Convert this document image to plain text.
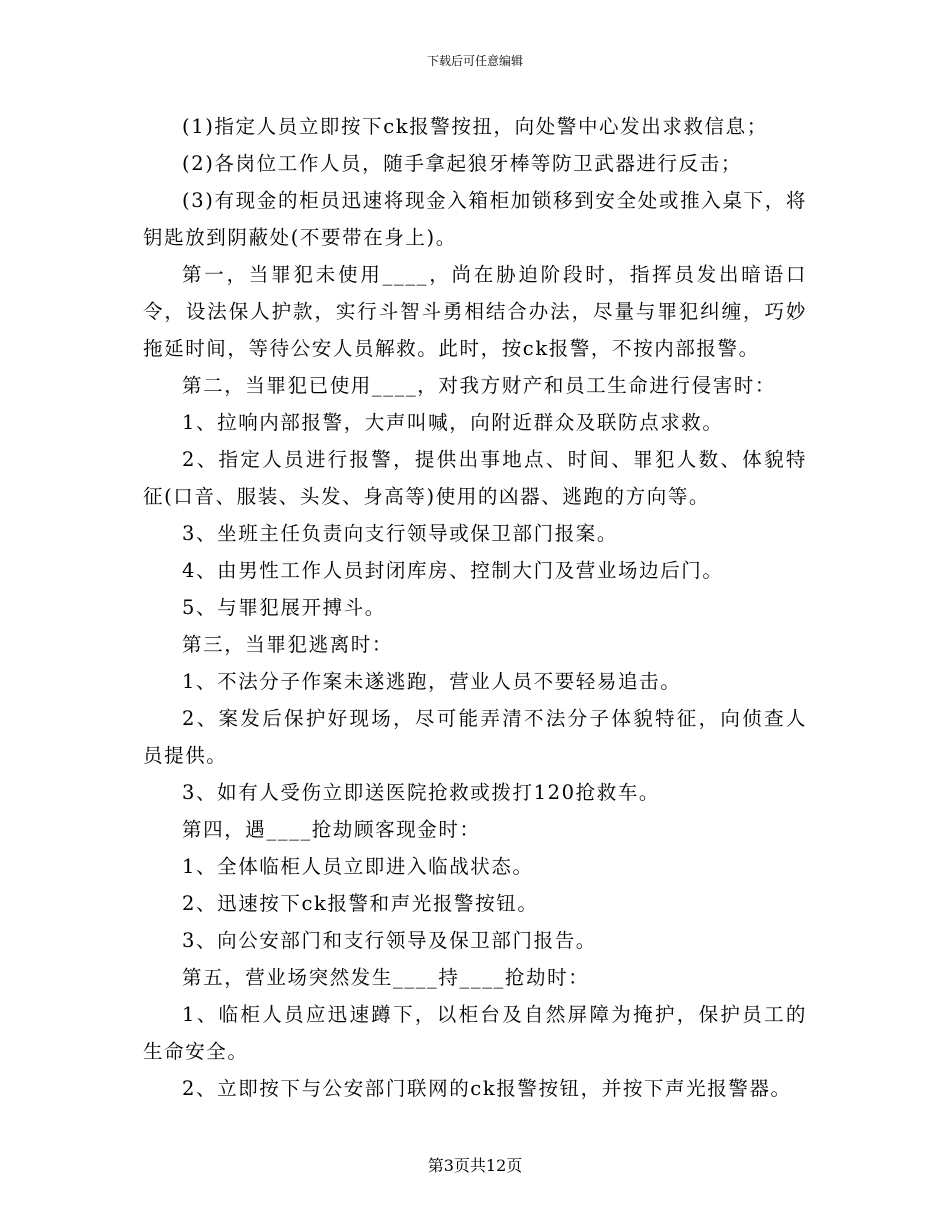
下载后可任意编辑

(1)指定人员立即按下ck报警按扭，向处警中心发出求救信息；

(2)各岗位工作人员，随手拿起狼牙棒等防卫武器进行反击；

(3)有现金的柜员迅速将现金入箱柜加锁移到安全处或推入桌下，将钥匙放到阴蔽处(不要带在身上)。

第一，当罪犯未使用____，尚在胁迫阶段时，指挥员发出暗语口令，设法保人护款，实行斗智斗勇相结合办法，尽量与罪犯纠缠，巧妙拖延时间，等待公安人员解救。此时，按ck报警，不按内部报警。

第二，当罪犯已使用____，对我方财产和员工生命进行侵害时：

1、拉响内部报警，大声叫喊，向附近群众及联防点求救。

2、指定人员进行报警，提供出事地点、时间、罪犯人数、体貌特征(口音、服装、头发、身高等)使用的凶器、逃跑的方向等。

3、坐班主任负责向支行领导或保卫部门报案。

4、由男性工作人员封闭库房、控制大门及营业场边后门。

5、与罪犯展开搏斗。

第三，当罪犯逃离时：

1、不法分子作案未遂逃跑，营业人员不要轻易追击。

2、案发后保护好现场，尽可能弄清不法分子体貌特征，向侦查人员提供。

3、如有人受伤立即送医院抢救或拨打120抢救车。

第四，遇____抢劫顾客现金时：

1、全体临柜人员立即进入临战状态。

2、迅速按下ck报警和声光报警按钮。

3、向公安部门和支行领导及保卫部门报告。

第五，营业场突然发生____持____抢劫时：

1、临柜人员应迅速蹲下，以柜台及自然屏障为掩护，保护员工的生命安全。

2、立即按下与公安部门联网的ck报警按钮，并按下声光报警器。

第3页共12页
